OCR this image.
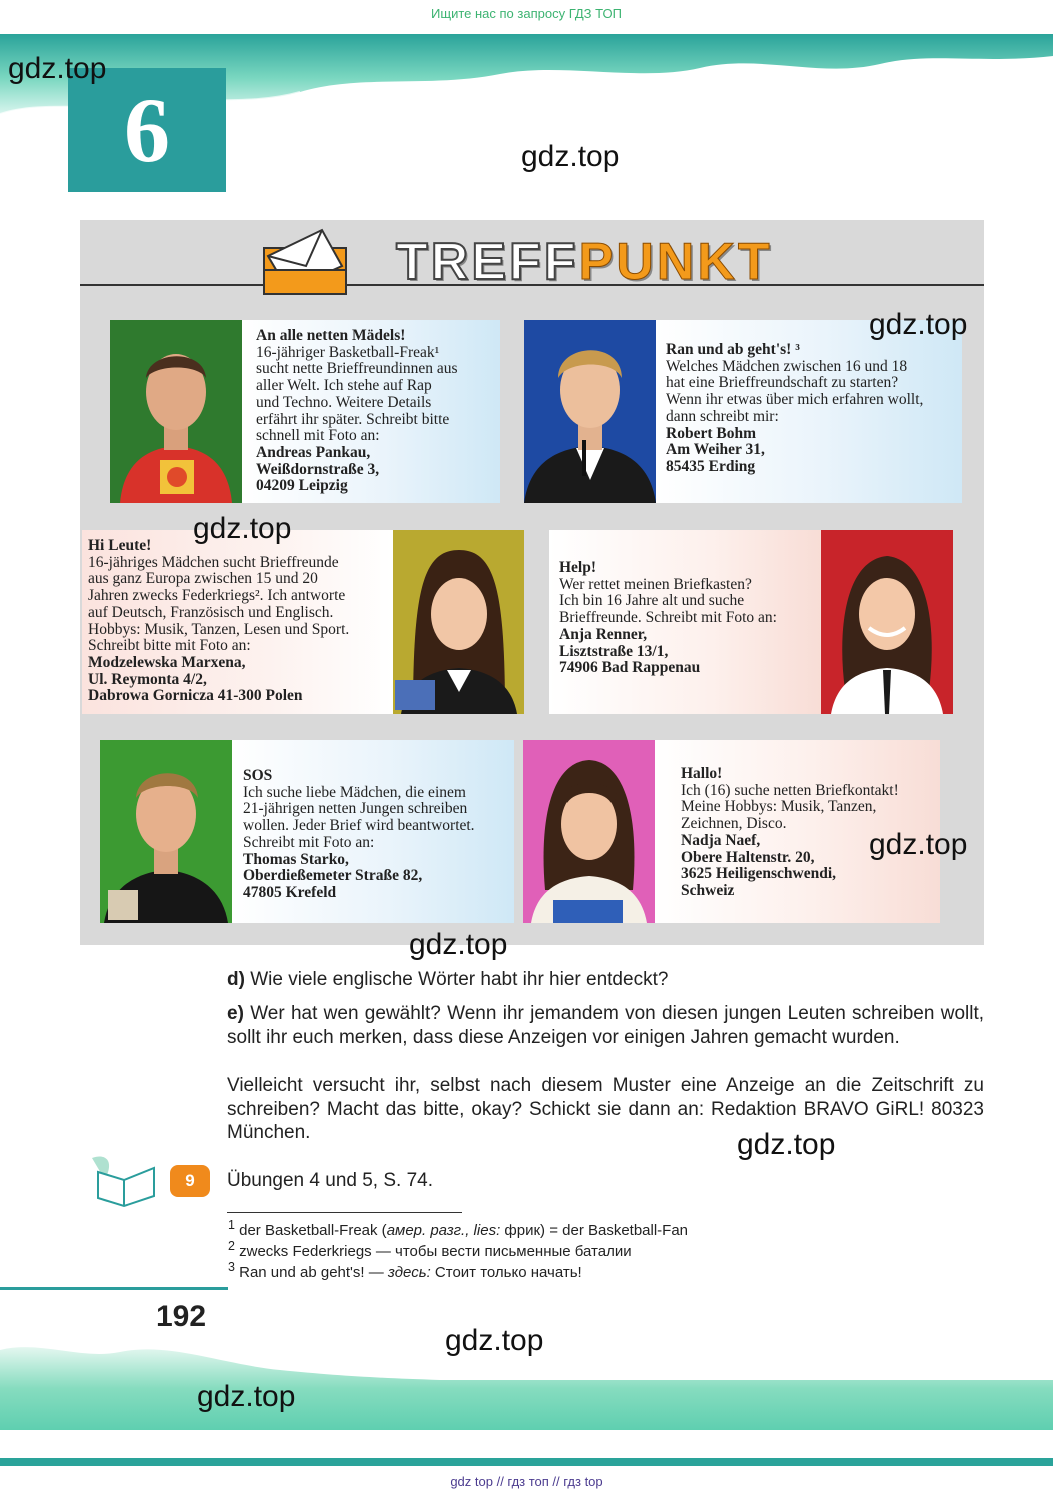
Ищите нас по запросу ГДЗ ТОП
6
TREFFPUNKT
An alle netten Mädels!
16-jähriger Basketball-Freak¹
sucht nette Brieffreundinnen aus
aller Welt. Ich stehe auf Rap
und Techno. Weitere Details
erfährt ihr später. Schreibt bitte
schnell mit Foto an:
Andreas Pankau,
Weißdornstraße 3,
04209 Leipzig
Ran und ab geht's! ³
Welches Mädchen zwischen 16 und 18
hat eine Brieffreundschaft zu starten?
Wenn ihr etwas über mich erfahren wollt,
dann schreibt mir:
Robert Bohm
Am Weiher 31,
85435 Erding
Hi Leute!
16-jähriges Mädchen sucht Brieffreunde
aus ganz Europa zwischen 15 und 20
Jahren zwecks Federkriegs². Ich antworte
auf Deutsch, Französisch und Englisch.
Hobbys: Musik, Tanzen, Lesen und Sport.
Schreibt bitte mit Foto an:
Modzelewska Marxena,
Ul. Reymonta 4/2,
Dabrowa Gornicza 41-300 Polen
Help!
Wer rettet meinen Briefkasten?
Ich bin 16 Jahre alt und suche
Brieffreunde. Schreibt mit Foto an:
Anja Renner,
Lisztstraße 13/1,
74906 Bad Rappenau
SOS
Ich suche liebe Mädchen, die einem
21-jährigen netten Jungen schreiben
wollen. Jeder Brief wird beantwortet.
Schreibt mit Foto an:
Thomas Starko,
Oberdießemeter Straße 82,
47805 Krefeld
Hallo!
Ich (16) suche netten Briefkontakt!
Meine Hobbys: Musik, Tanzen,
Zeichnen, Disco.
Nadja Naef,
Obere Haltenstr. 20,
3625 Heiligenschwendi,
Schweiz
d) Wie viele englische Wörter habt ihr hier entdeckt?
e) Wer hat wen gewählt? Wenn ihr jemandem von diesen jungen Leuten schreiben wollt, sollt ihr euch merken, dass diese Anzeigen vor einigen Jahren gemacht wurden.
Vielleicht versucht ihr, selbst nach diesem Muster eine Anzeige an die Zeitschrift zu schreiben? Macht das bitte, okay? Schickt sie dann an: Redaktion BRAVO GiRL! 80323 München.
9	Übungen 4 und 5, S. 74.
$^1$ der Basketball-Freak (амер. разг., lies: фрик) = der Basketball-Fan
$^2$ zwecks Federkriegs — чтобы вести письменные баталии
$^3$ Ran und ab geht's! — здесь: Стоит только начать!
192
gdz top // гдз топ // гдз top
gdz.top
gdz.top
gdz.top
gdz.top
gdz.top
gdz.top
gdz.top
gdz.top
gdz.top
